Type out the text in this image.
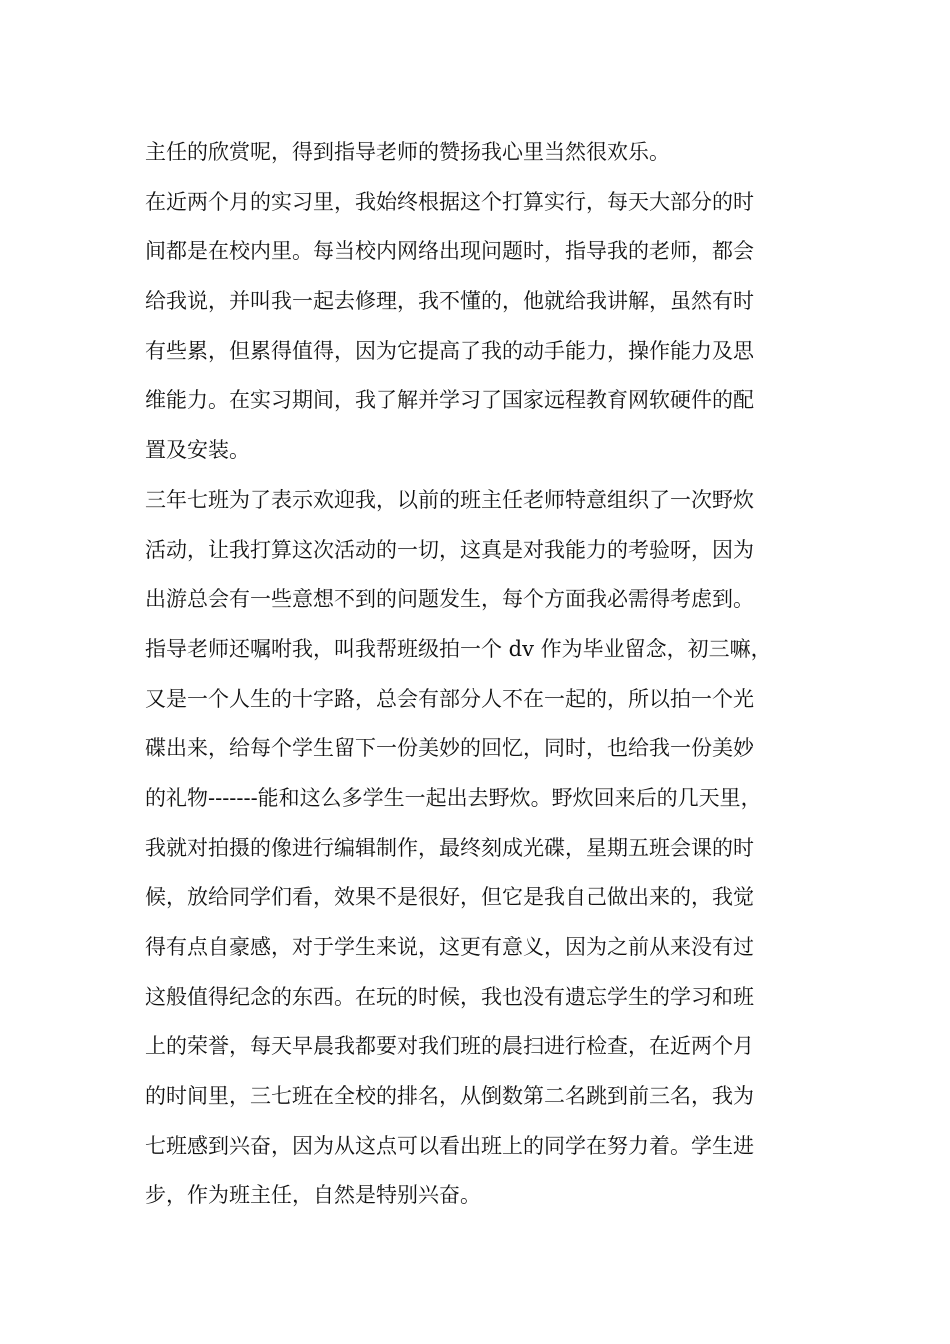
主任的欣赏呢，得到指导老师的赞扬我心里当然很欢乐。
在近两个月的实习里，我始终根据这个打算实行，每天大部分的时
间都是在校内里。每当校内网络出现问题时，指导我的老师，都会
给我说，并叫我一起去修理，我不懂的，他就给我讲解，虽然有时
有些累，但累得值得，因为它提高了我的动手能力，操作能力及思
维能力。在实习期间，我了解并学习了国家远程教育网软硬件的配
置及安装。
三年七班为了表示欢迎我，以前的班主任老师特意组织了一次野炊
活动，让我打算这次活动的一切，这真是对我能力的考验呀，因为
出游总会有一些意想不到的问题发生，每个方面我必需得考虑到。
指导老师还嘱咐我，叫我帮班级拍一个 dv 作为毕业留念，初三嘛，
又是一个人生的十字路，总会有部分人不在一起的，所以拍一个光
碟出来，给每个学生留下一份美妙的回忆，同时，也给我一份美妙
的礼物-------能和这么多学生一起出去野炊。野炊回来后的几天里，
我就对拍摄的像进行编辑制作，最终刻成光碟，星期五班会课的时
候，放给同学们看，效果不是很好，但它是我自己做出来的，我觉
得有点自豪感，对于学生来说，这更有意义，因为之前从来没有过
这般值得纪念的东西。在玩的时候，我也没有遗忘学生的学习和班
上的荣誉，每天早晨我都要对我们班的晨扫进行检查，在近两个月
的时间里，三七班在全校的排名，从倒数第二名跳到前三名，我为
七班感到兴奋，因为从这点可以看出班上的同学在努力着。学生进
步，作为班主任，自然是特别兴奋。
